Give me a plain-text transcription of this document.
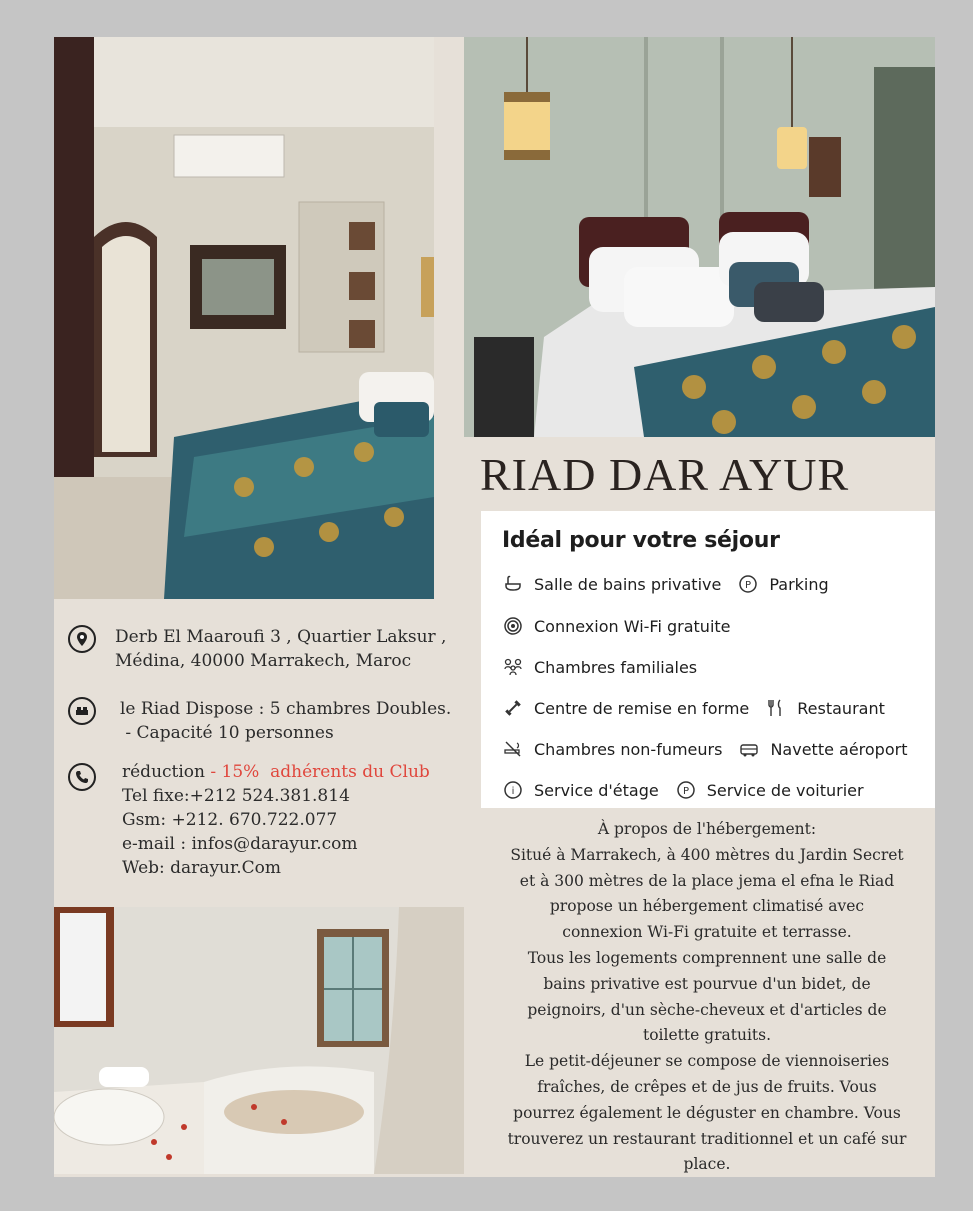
RIAD DAR AYUR
Derb El Maaroufi 3 , Quartier Laksur ,
Médina, 40000 Marrakech, Maroc
le Riad Dispose : 5 chambres Doubles.
- Capacité 10 personnes
réduction - 15%  adhérents du Club
Tel fixe:+212 524.381.814
Gsm: +212. 670.722.077
e-mail : infos@darayur.com
Web: darayur.Com

À propos de l'hébergement:

Situé à Marrakech, à 400 mètres du Jardin Secret

et à 300 mètres de la place jema el efna le Riad

propose un hébergement climatisé avec

connexion Wi-Fi gratuite et terrasse.

Tous les logements comprennent une salle de

bains privative est pourvue d'un bidet, de

peignoirs, d'un sèche-cheveux et d'articles de

toilette gratuits.

Le petit-déjeuner se compose de viennoiseries

fraîches, de crêpes et de jus de fruits. Vous

pourrez également le déguster en chambre. Vous

trouverez un restaurant traditionnel et un café sur

place.

Idéal pour votre séjour
Salle de bains privative P Parking
Connexion Wi-Fi gratuite
Chambres familiales
Centre de remise en forme	Restaurant
Chambres non-fumeurs	Navette aéroport
i Service d'étage P Service de voiturier
